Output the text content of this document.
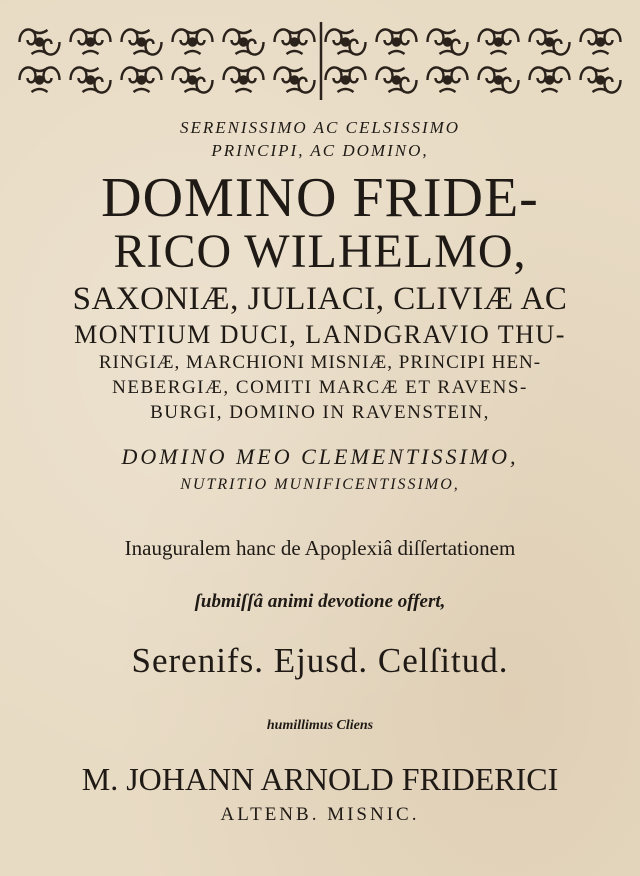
SERENISSIMO AC CELSISSIMO
PRINCIPI, AC DOMINO,
DOMINO FRIDE-
RICO WILHELMO,
SAXONIÆ, JULIACI, CLIVIÆ AC
MONTIUM DUCI, LANDGRAVIO THU-
RINGIÆ, MARCHIONI MISNIÆ, PRINCIPI HEN-
NEBERGIÆ, COMITI MARCÆ ET RAVENS-
BURGI, DOMINO IN RAVENSTEIN,
DOMINO MEO CLEMENTISSIMO,
NUTRITIO MUNIFICENTISSIMO,
Inauguralem hanc de Apoplexiâ diſſertationem
ſubmiſſâ animi devotione offert,
Serenifs. Ejusd. Celſitud.
humillimus Cliens
M. JOHANN ARNOLD FRIDERICI
ALTENB. MISNIC.
